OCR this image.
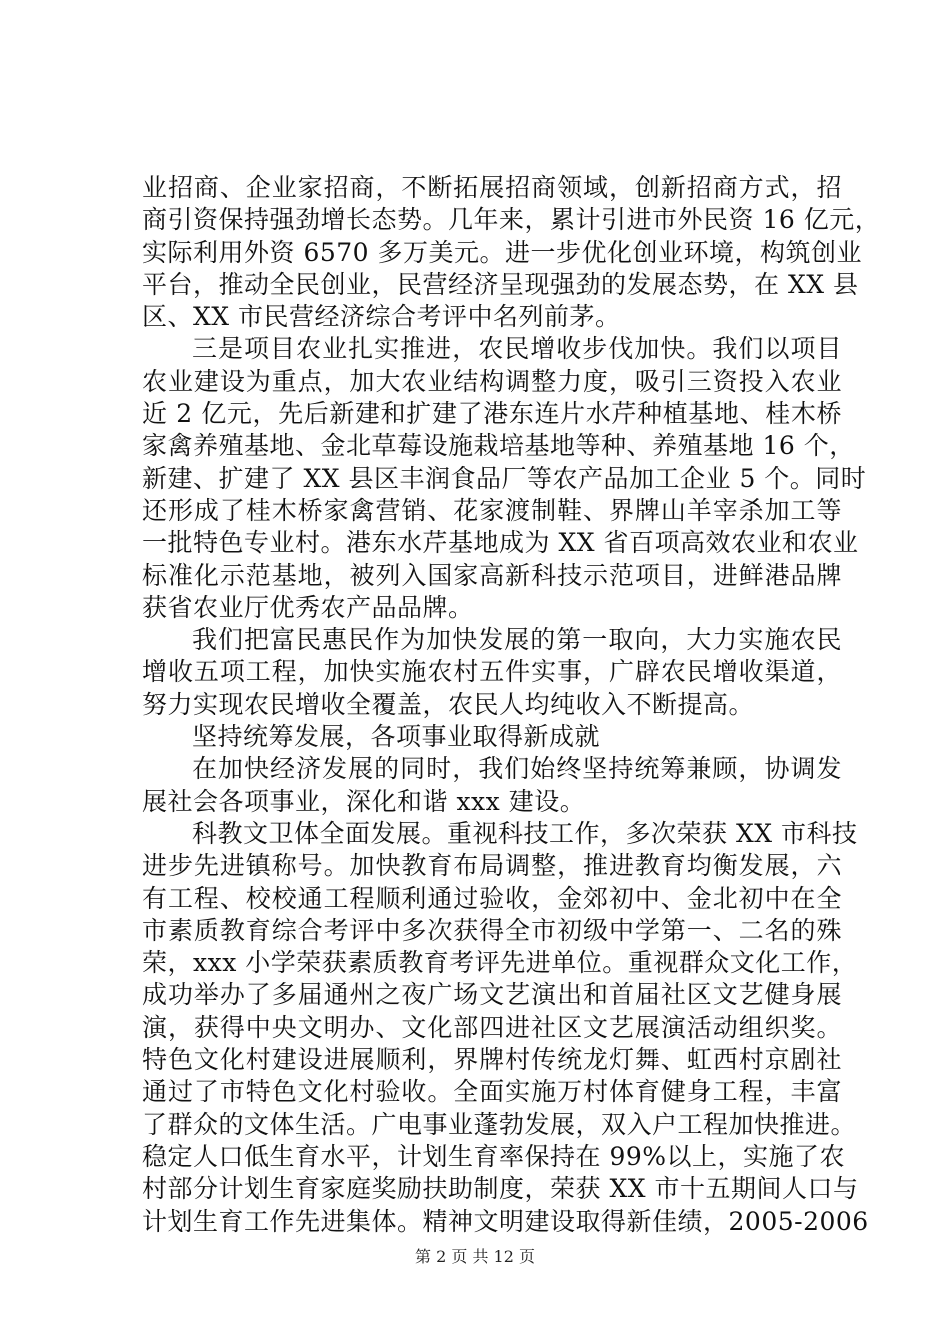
业招商、企业家招商，不断拓展招商领域，创新招商方式，招
商引资保持强劲增长态势。几年来，累计引进市外民资 16 亿元，
实际利用外资 6570 多万美元。进一步优化创业环境，构筑创业
平台，推动全民创业，民营经济呈现强劲的发展态势，在 XX 县
区、XX 市民营经济综合考评中名列前茅。
三是项目农业扎实推进，农民增收步伐加快。我们以项目
农业建设为重点，加大农业结构调整力度，吸引三资投入农业
近 2 亿元，先后新建和扩建了港东连片水芹种植基地、桂木桥
家禽养殖基地、金北草莓设施栽培基地等种、养殖基地 16 个，
新建、扩建了 XX 县区丰润食品厂等农产品加工企业 5 个。同时
还形成了桂木桥家禽营销、花家渡制鞋、界牌山羊宰杀加工等
一批特色专业村。港东水芹基地成为 XX 省百项高效农业和农业
标准化示范基地，被列入国家高新科技示范项目，进鲜港品牌
获省农业厅优秀农产品品牌。
我们把富民惠民作为加快发展的第一取向，大力实施农民
增收五项工程，加快实施农村五件实事，广辟农民增收渠道，
努力实现农民增收全覆盖，农民人均纯收入不断提高。
坚持统筹发展，各项事业取得新成就
在加快经济发展的同时，我们始终坚持统筹兼顾，协调发
展社会各项事业，深化和谐 xxx 建设。
科教文卫体全面发展。重视科技工作，多次荣获 XX 市科技
进步先进镇称号。加快教育布局调整，推进教育均衡发展，六
有工程、校校通工程顺利通过验收，金郊初中、金北初中在全
市素质教育综合考评中多次获得全市初级中学第一、二名的殊
荣，xxx 小学荣获素质教育考评先进单位。重视群众文化工作，
成功举办了多届通州之夜广场文艺演出和首届社区文艺健身展
演，获得中央文明办、文化部四进社区文艺展演活动组织奖。
特色文化村建设进展顺利，界牌村传统龙灯舞、虹西村京剧社
通过了市特色文化村验收。全面实施万村体育健身工程，丰富
了群众的文体生活。广电事业蓬勃发展，双入户工程加快推进。
稳定人口低生育水平，计划生育率保持在 99%以上，实施了农
村部分计划生育家庭奖励扶助制度，荣获 XX 市十五期间人口与
计划生育工作先进集体。精神文明建设取得新佳绩，2005-2006
第 2 页 共 12 页
